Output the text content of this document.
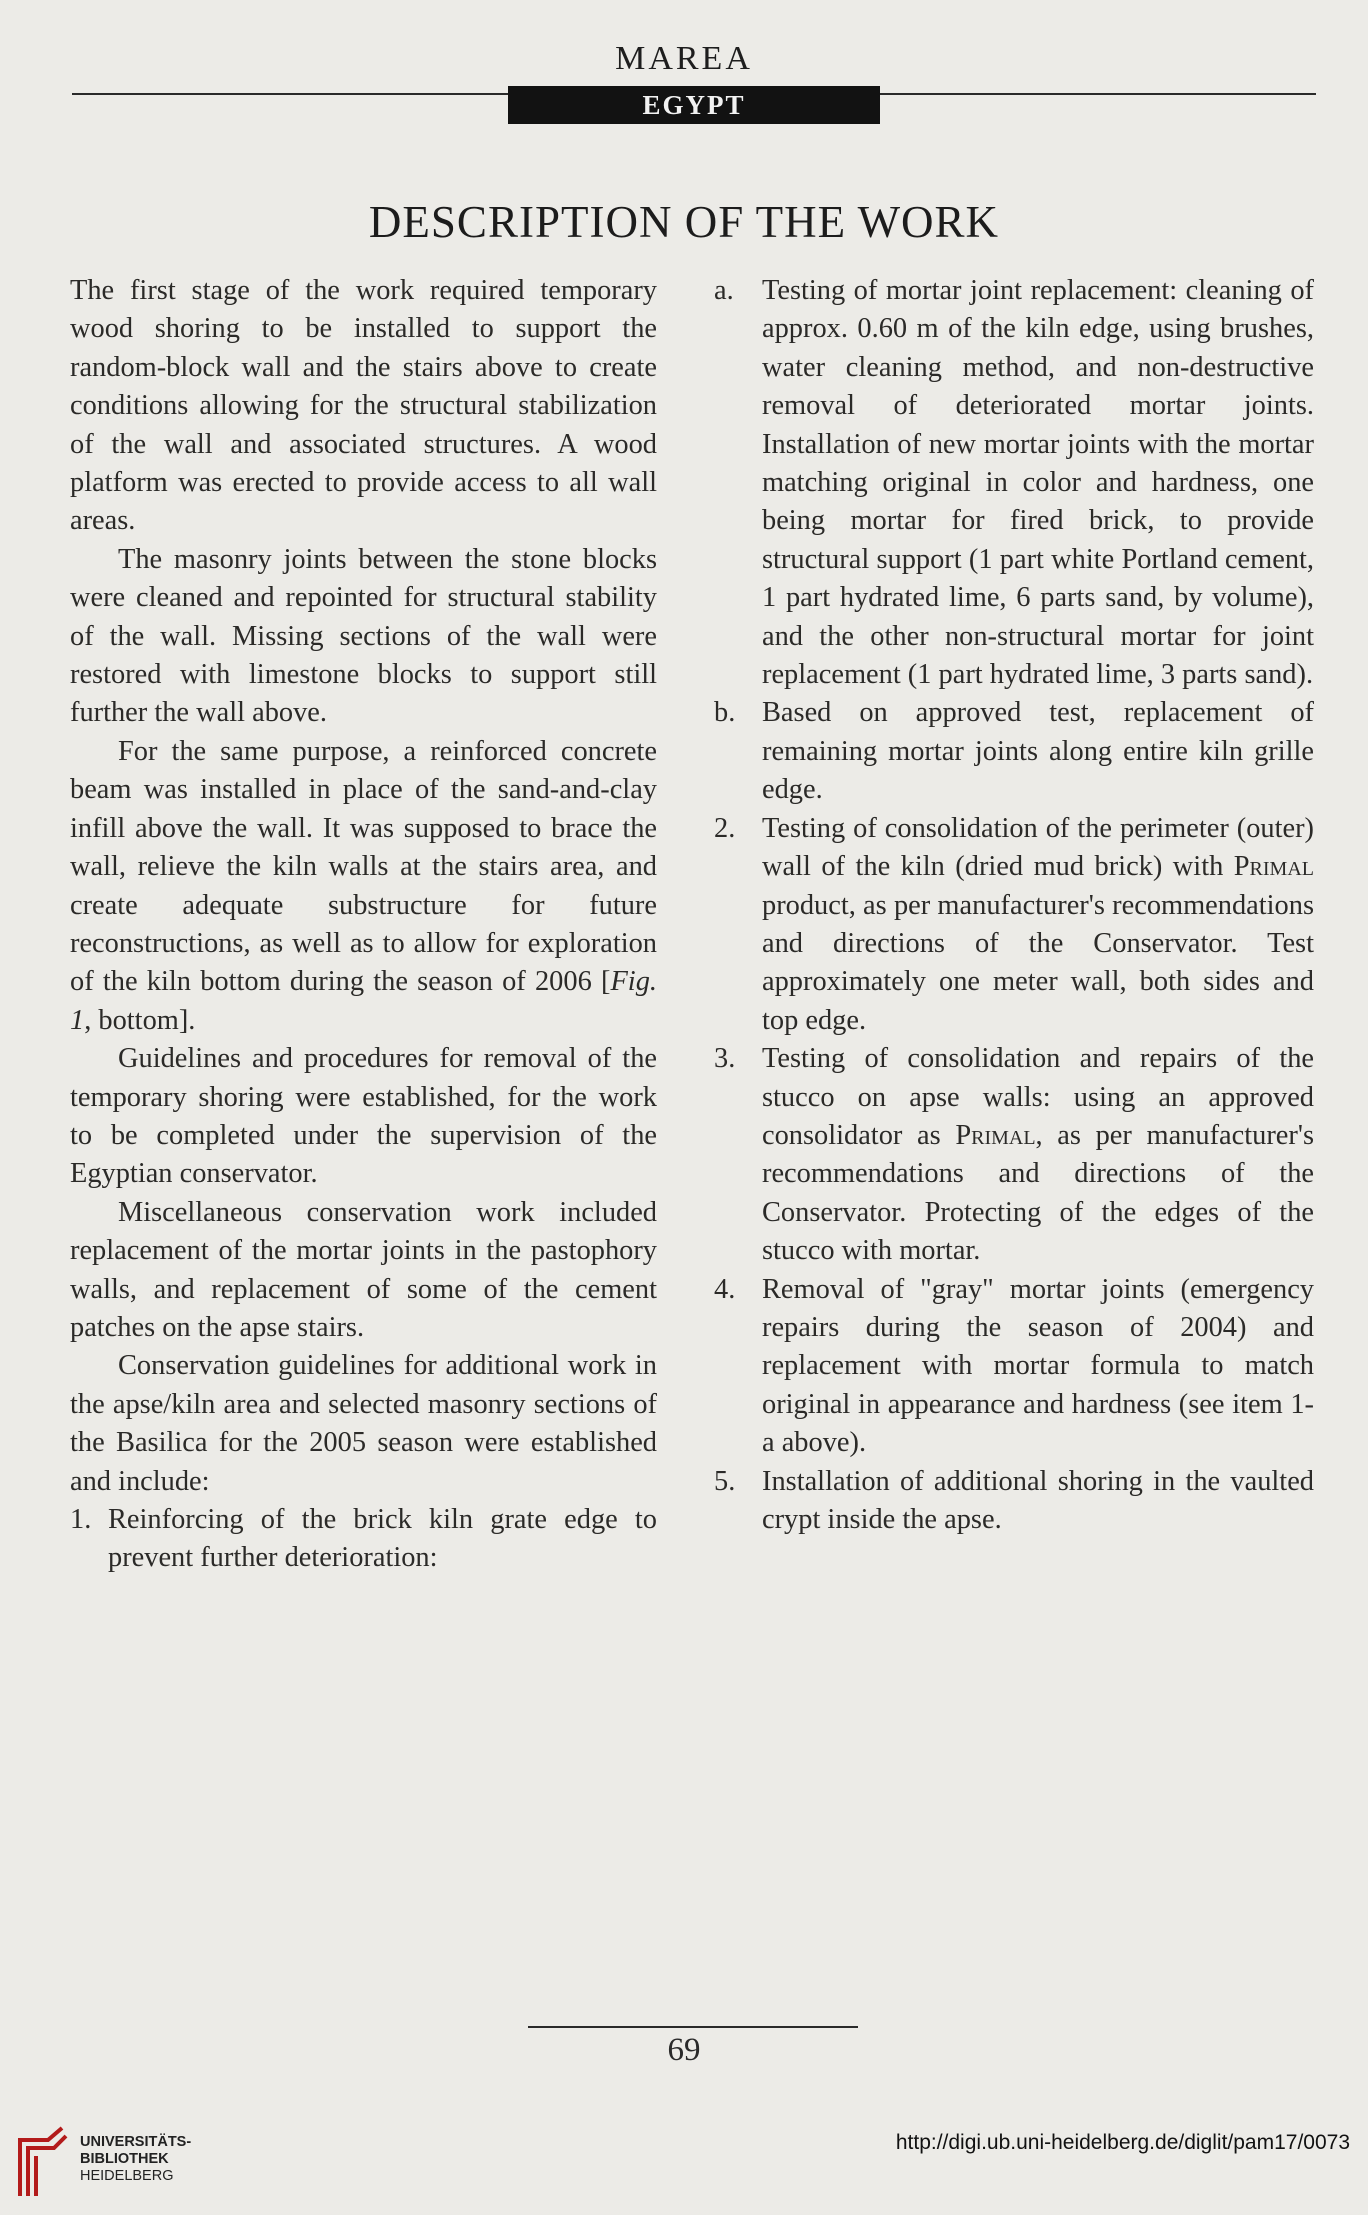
MAREA
EGYPT
DESCRIPTION OF THE WORK

The first stage of the work required temporary wood shoring to be installed to support the random-block wall and the stairs above to create conditions allowing for the structural stabilization of the wall and associated structures. A wood platform was erected to provide access to all wall areas.

The masonry joints between the stone blocks were cleaned and repointed for structural stability of the wall. Missing sections of the wall were restored with limestone blocks to support still further the wall above.

For the same purpose, a reinforced concrete beam was installed in place of the sand-and-clay infill above the wall. It was supposed to brace the wall, relieve the kiln walls at the stairs area, and create adequate substructure for future reconstructions, as well as to allow for exploration of the kiln bottom during the season of 2006 [Fig. 1, bottom].

Guidelines and procedures for removal of the temporary shoring were established, for the work to be completed under the supervision of the Egyptian conservator.

Miscellaneous conservation work included replacement of the mortar joints in the pastophory walls, and replacement of some of the cement patches on the apse stairs.

Conservation guidelines for additional work in the apse/kiln area and selected masonry sections of the Basilica for the 2005 season were established and include:

1. Reinforcing of the brick kiln grate edge to prevent further deterioration:
a. Testing of mortar joint replacement: cleaning of approx. 0.60 m of the kiln edge, using brushes, water cleaning method, and non-destructive removal of deteriorated mortar joints. Installation of new mortar joints with the mortar matching original in color and hardness, one being mortar for fired brick, to provide structural support (1 part white Portland cement, 1 part hydrated lime, 6 parts sand, by volume), and the other non-structural mortar for joint replacement (1 part hydrated lime, 3 parts sand).
b. Based on approved test, replacement of remaining mortar joints along entire kiln grille edge.
2. Testing of consolidation of the perimeter (outer) wall of the kiln (dried mud brick) with Primal product, as per manufacturer's recommendations and directions of the Conservator. Test approximately one meter wall, both sides and top edge.
3. Testing of consolidation and repairs of the stucco on apse walls: using an approved consolidator as Primal, as per manufacturer's recommendations and directions of the Conservator. Protecting of the edges of the stucco with mortar.
4. Removal of "gray" mortar joints (emergency repairs during the season of 2004) and replacement with mortar formula to match original in appearance and hardness (see item 1-a above).
5. Installation of additional shoring in the vaulted crypt inside the apse.
69
UNIVERSITÄTS-
BIBLIOTHEK
HEIDELBERG
http://digi.ub.uni-heidelberg.de/diglit/pam17/0073
